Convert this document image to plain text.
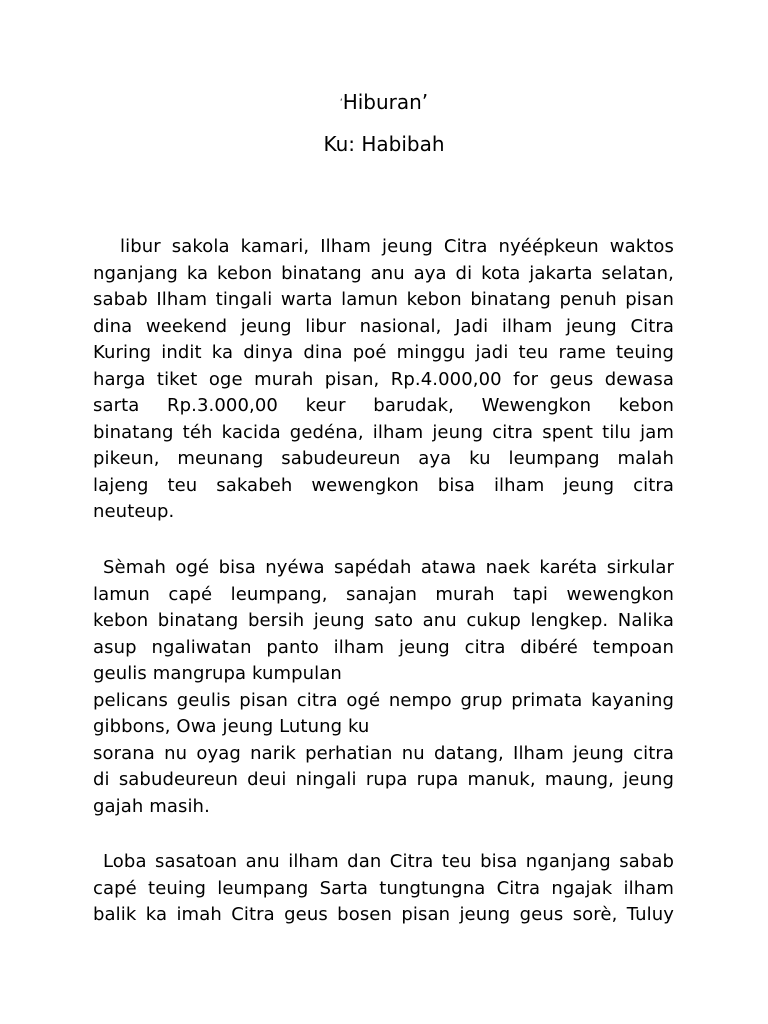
‘Hiburan’

Ku: Habibah

libur sakola kamari, Ilham jeung Citra nyéépkeun waktos
nganjang ka kebon binatang anu aya di kota jakarta selatan,
sabab Ilham tingali warta lamun kebon binatang penuh pisan
dina weekend jeung libur nasional, Jadi ilham jeung Citra
Kuring indit ka dinya dina poé minggu jadi teu rame teuing
harga tiket oge murah pisan, Rp.4.000,00 for geus dewasa
sarta Rp.3.000,00 keur barudak, Wewengkon kebon
binatang téh kacida gedéna, ilham jeung citra spent tilu jam
pikeun, meunang sabudeureun aya ku leumpang malah
lajeng teu sakabeh wewengkon bisa ilham jeung citra
neuteup.
Sèmah ogé bisa nyéwa sapédah atawa naek karéta sirkular
lamun capé leumpang, sanajan murah tapi wewengkon
kebon binatang bersih jeung sato anu cukup lengkep. Nalika
asup ngaliwatan panto ilham jeung citra dibéré tempoan
geulis mangrupa kumpulan
pelicans geulis pisan citra ogé nempo grup primata kayaning
gibbons, Owa jeung Lutung ku
sorana nu oyag narik perhatian nu datang, Ilham jeung citra
di sabudeureun deui ningali rupa rupa manuk, maung, jeung
gajah masih.
Loba sasatoan anu ilham dan Citra teu bisa nganjang sabab
capé teuing leumpang Sarta tungtungna Citra ngajak ilham
balik ka imah Citra geus bosen pisan jeung geus sorè, Tuluy
